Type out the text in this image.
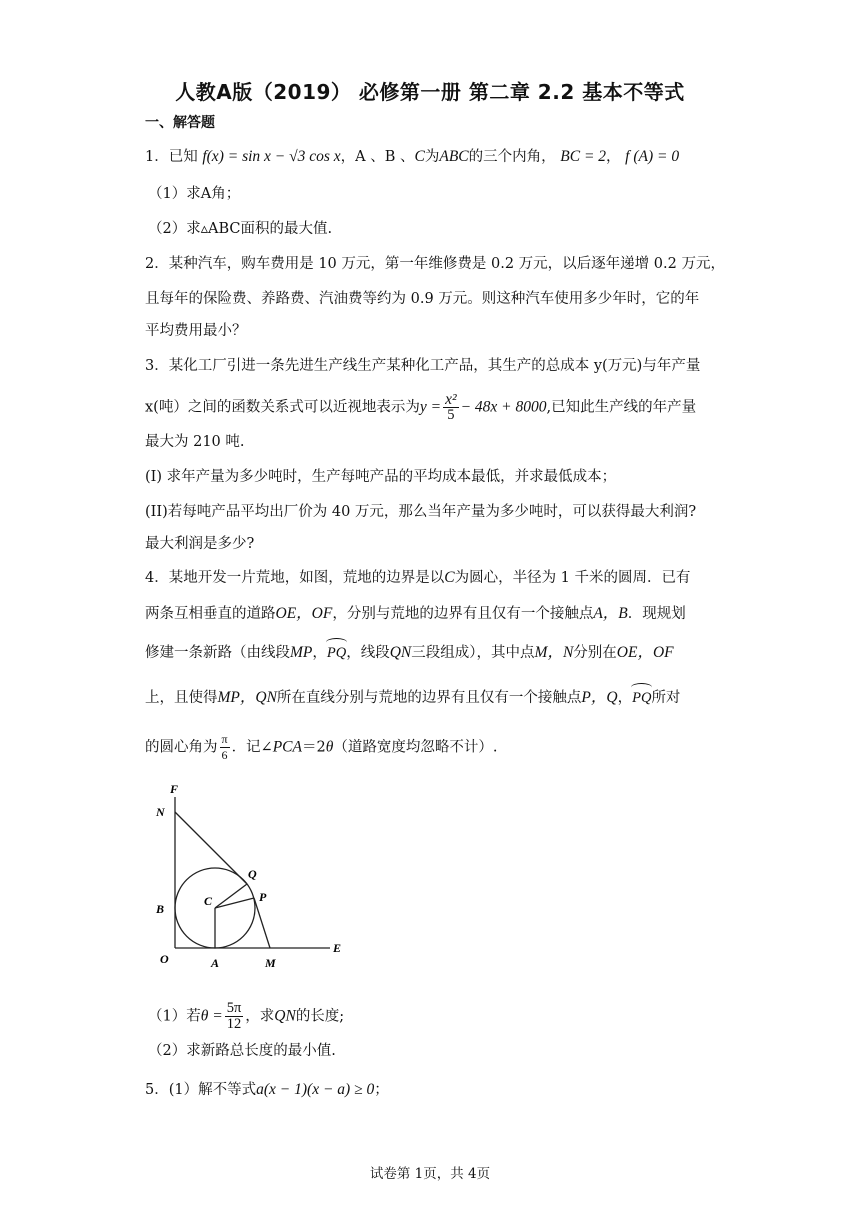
人教A版（2019） 必修第一册 第二章 2.2 基本不等式
一、解答题
1．已知 f(x) = sin x − √3 cos x，A 、B 、C为ABC的三个内角， BC = 2， f (A) = 0
（1）求A角；
（2）求▵ABC面积的最大值.
2．某种汽车，购车费用是 10 万元，第一年维修费是 0.2 万元，以后逐年递增 0.2 万元，
且每年的保险费、养路费、汽油费等约为 0.9 万元。则这种汽车使用多少年时，它的年
平均费用最小？
3．某化工厂引进一条先进生产线生产某种化工产品，其生产的总成本 y(万元)与年产量
x(吨）之间的函数关系式可以近视地表示为$y = \frac{\text{x²}}{5} - 48x + 8000$,已知此生产线的年产量
最大为 210 吨.
(I) 求年产量为多少吨时，生产每吨产品的平均成本最低，并求最低成本；
(II)若每吨产品平均出厂价为 40 万元，那么当年产量为多少吨时，可以获得最大利润?
最大利润是多少?
4．某地开发一片荒地，如图，荒地的边界是以C为圆心，半径为 1 千米的圆周．已有
两条互相垂直的道路OE，OF，分别与荒地的边界有且仅有一个接触点A，B．现规划
修建一条新路（由线段MP，PQ，线段QN三段组成），其中点M，N分别在OE，OF
上，且使得MP，QN所在直线分别与荒地的边界有且仅有一个接触点P，Q，PQ所对
的圆心角为 $\frac{\pi}{6}$ ．记∠PCA＝2θ（道路宽度均忽略不计）.
F
N
Q
P
C
B
O	A	M
E
（1）若$\theta = \frac{5\pi}{12}$ ，求QN的长度;
（2）求新路总长度的最小值.
5．(1）解不等式a(x − 1)(x − a) ≥ 0；
试卷第 1页，共 4页
